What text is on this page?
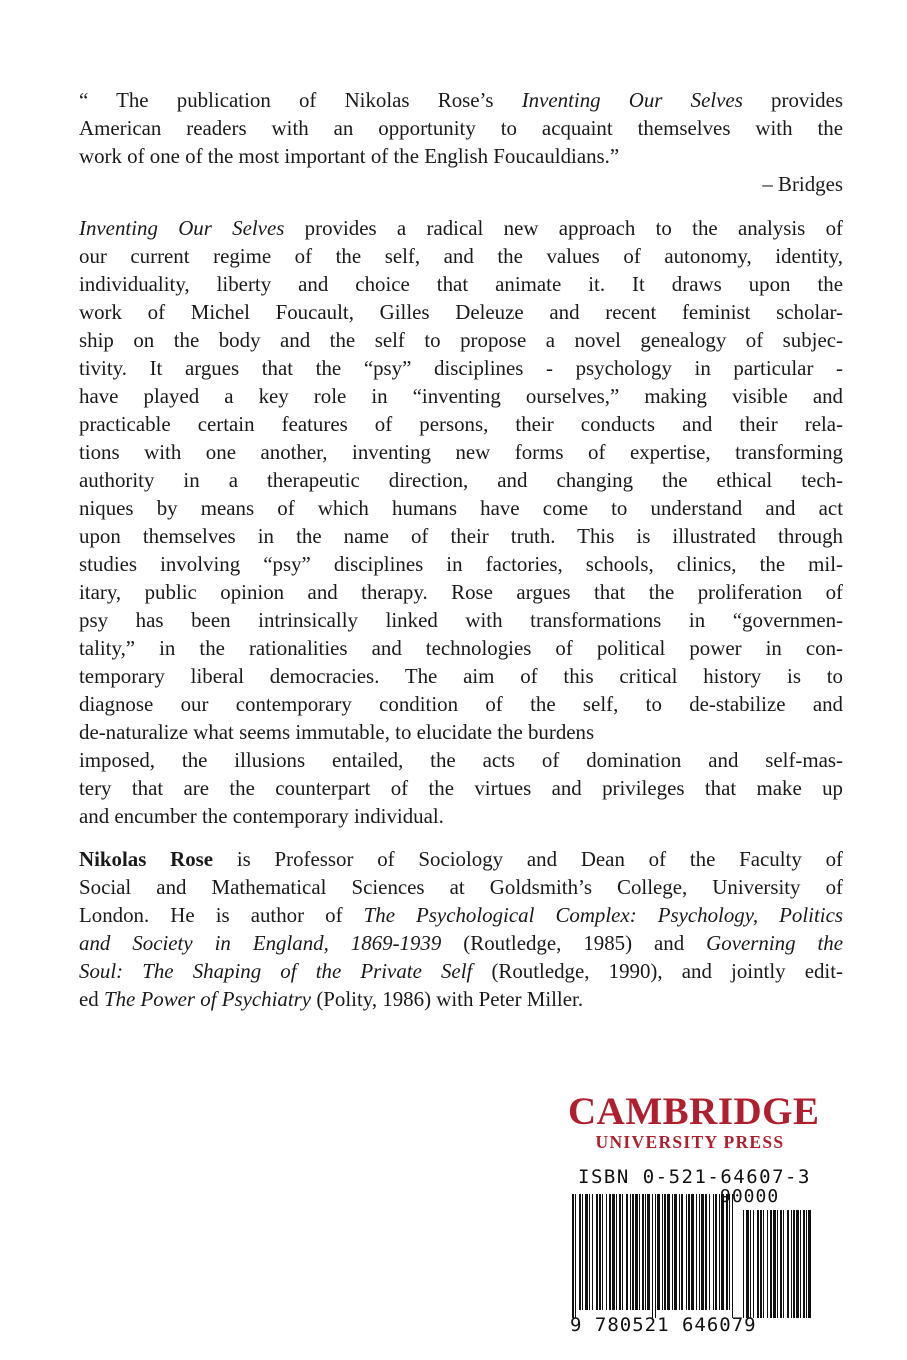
“ The publication of Nikolas Rose’s Inventing Our Selves provides
American readers with an opportunity to acquaint themselves with the
work of one of the most important of the English Foucauldians.”
– Bridges
Inventing Our Selves provides a radical new approach to the analysis of
our current regime of the self, and the values of autonomy, identity,
individuality, liberty and choice that animate it. It draws upon the
work of Michel Foucault, Gilles Deleuze and recent feminist scholar-
ship on the body and the self to propose a novel genealogy of subjec-
tivity. It argues that the “psy” disciplines - psychology in particular -
have played a key role in “inventing ourselves,” making visible and
practicable certain features of persons, their conducts and their rela-
tions with one another, inventing new forms of expertise, transforming
authority in a therapeutic direction, and changing the ethical tech-
niques by means of which humans have come to understand and act
upon themselves in the name of their truth. This is illustrated through
studies involving “psy” disciplines in factories, schools, clinics, the mil-
itary, public opinion and therapy. Rose argues that the proliferation of
psy has been intrinsically linked with transformations in “governmen-
tality,” in the rationalities and technologies of political power in con-
temporary liberal democracies. The aim of this critical history is to
diagnose our contemporary condition of the self, to de-stabilize and
de-naturalize what seems immutable, to elucidate the burdens
imposed, the illusions entailed, the acts of domination and self-mas-
tery that are the counterpart of the virtues and privileges that make up
and encumber the contemporary individual.
Nikolas Rose is Professor of Sociology and Dean of the Faculty of
Social and Mathematical Sciences at Goldsmith’s College, University of
London. He is author of The Psychological Complex: Psychology, Politics
and Society in England, 1869-1939 (Routledge, 1985) and Governing the
Soul: The Shaping of the Private Self (Routledge, 1990), and jointly edit-
ed The Power of Psychiatry (Polity, 1986) with Peter Miller.
CAMBRIDGE
UNIVERSITY PRESS
ISBN 0-521-64607-3
90000
9 780521 646079
